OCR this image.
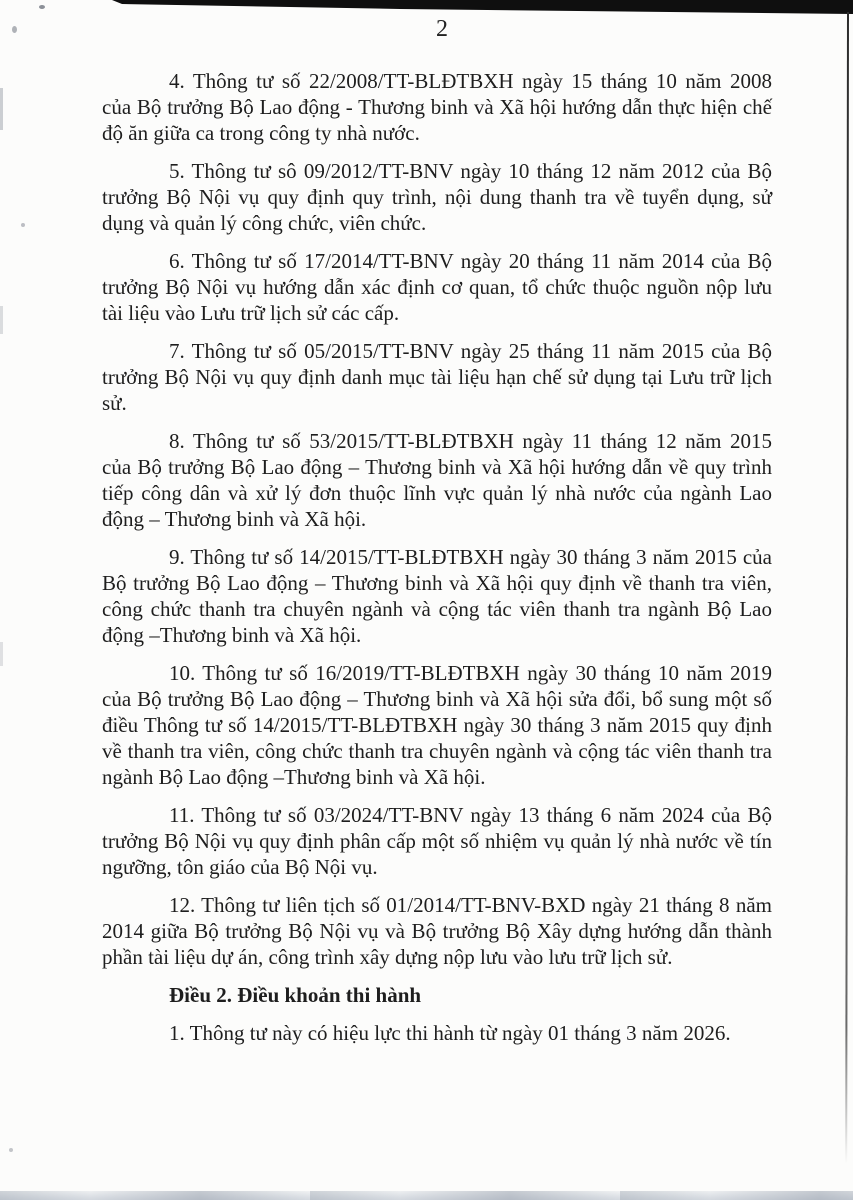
2

4. Thông tư số 22/2008/TT-BLĐTBXH ngày 15 tháng 10 năm 2008 của Bộ trưởng Bộ Lao động - Thương binh và Xã hội hướng dẫn thực hiện chế độ ăn giữa ca trong công ty nhà nước.

5. Thông tư sô 09/2012/TT-BNV ngày 10 tháng 12 năm 2012 của Bộ trưởng Bộ Nội vụ quy định quy trình, nội dung thanh tra về tuyển dụng, sử dụng và quản lý công chức, viên chức.

6. Thông tư số 17/2014/TT-BNV ngày 20 tháng 11 năm 2014 của Bộ trưởng Bộ Nội vụ hướng dẫn xác định cơ quan, tổ chức thuộc nguồn nộp lưu tài liệu vào Lưu trữ lịch sử các cấp.

7. Thông tư số 05/2015/TT-BNV ngày 25 tháng 11 năm 2015 của Bộ trưởng Bộ Nội vụ quy định danh mục tài liệu hạn chế sử dụng tại Lưu trữ lịch sử.

8. Thông tư số 53/2015/TT-BLĐTBXH ngày 11 tháng 12 năm 2015 của Bộ trưởng Bộ Lao động – Thương binh và Xã hội hướng dẫn về quy trình tiếp công dân và xử lý đơn thuộc lĩnh vực quản lý nhà nước của ngành Lao động – Thương binh và Xã hội.

9. Thông tư số 14/2015/TT-BLĐTBXH ngày 30 tháng 3 năm 2015 của Bộ trưởng Bộ Lao động – Thương binh và Xã hội quy định về thanh tra viên, công chức thanh tra chuyên ngành và cộng tác viên thanh tra ngành Bộ Lao động –Thương binh và Xã hội.

10. Thông tư số 16/2019/TT-BLĐTBXH ngày 30 tháng 10 năm 2019 của Bộ trưởng Bộ Lao động – Thương binh và Xã hội sửa đổi, bổ sung một số điều Thông tư số 14/2015/TT-BLĐTBXH ngày 30 tháng 3 năm 2015 quy định về thanh tra viên, công chức thanh tra chuyên ngành và cộng tác viên thanh tra ngành Bộ Lao động –Thương binh và Xã hội.

11. Thông tư số 03/2024/TT-BNV ngày 13 tháng 6 năm 2024 của Bộ trưởng Bộ Nội vụ quy định phân cấp một số nhiệm vụ quản lý nhà nước về tín ngưỡng, tôn giáo của Bộ Nội vụ.

12. Thông tư liên tịch số 01/2014/TT-BNV-BXD ngày 21 tháng 8 năm 2014 giữa Bộ trưởng Bộ Nội vụ và Bộ trưởng Bộ Xây dựng hướng dẫn thành phần tài liệu dự án, công trình xây dựng nộp lưu vào lưu trữ lịch sử.

Điều 2. Điều khoản thi hành

1. Thông tư này có hiệu lực thi hành từ ngày 01 tháng 3 năm 2026.
